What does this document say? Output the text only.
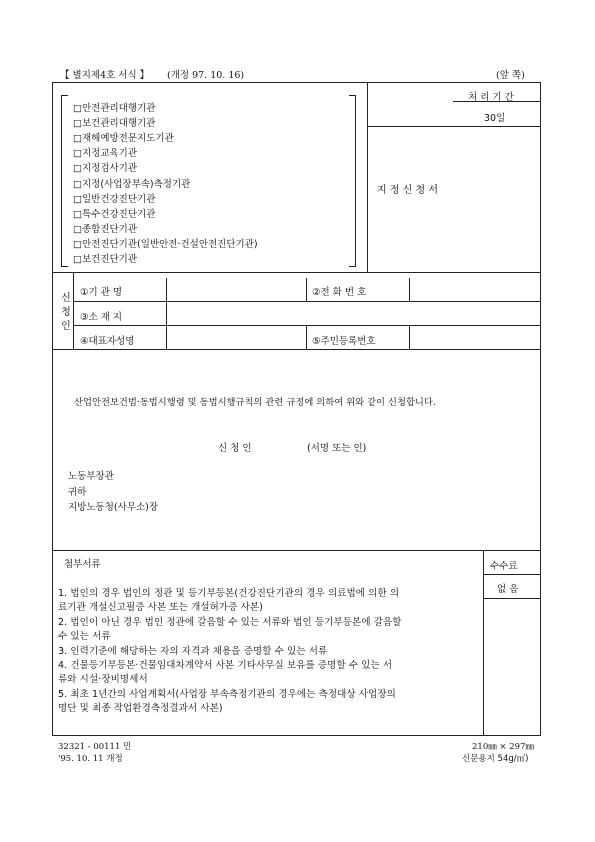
【 별지제4호 서식 】 (개정 97. 10. 16)	(앞 쪽)
□안전관리대행기관
□보건관리대행기관
□재해예방전문지도기관
□지정교육기관
□지정검사기관
□지정(사업장부속)측정기관
□일반건강진단기관
□특수건강진단기관
□종합진단기관
□안전진단기관(일반안전·건설안전진단기관)
□보건진단기관
처 리 기 간
30일
지 정 신 청 서
신청인
①기 관 명	②전 화 번 호
③소 재 지
④대표자성명	⑤주민등록번호
산업안전보건법·동법시행령 및 동법시행규칙의 관련 규정에 의하여 위와 같이 신청합니다.
신 청 인	(서명 또는 인)
노동부장관
귀하
지방노동청(사무소)장
수수료
없 음
첨부서류
1. 법인의 경우 법인의 정관 및 등기부등본(건강진단기관의 경우 의료법에 의한 의
료기관 개설신고필증 사본 또는 개설허가증 사본)
2. 법인이 아닌 경우 법인 정관에 갈음할 수 있는 서류와 법인 등기부등본에 갈음할
수 있는 서류
3. 인력기준에 해당하는 자의 자격과 채용을 증명할 수 있는 서류
4. 건물등기부등본·건물임대차계약서 사본 기타사무실 보유를 증명할 수 있는 서
류와 시설·장비명세서
5. 최초 1년간의 사업계획서(사업장 부속측정기관의 경우에는 측정대상 사업장의
명단 및 최종 작업환경측정결과서 사본)
32321 - 00111 민
'95. 10. 11 개정
210㎜ × 297㎜
신문용지 54g/㎡)
